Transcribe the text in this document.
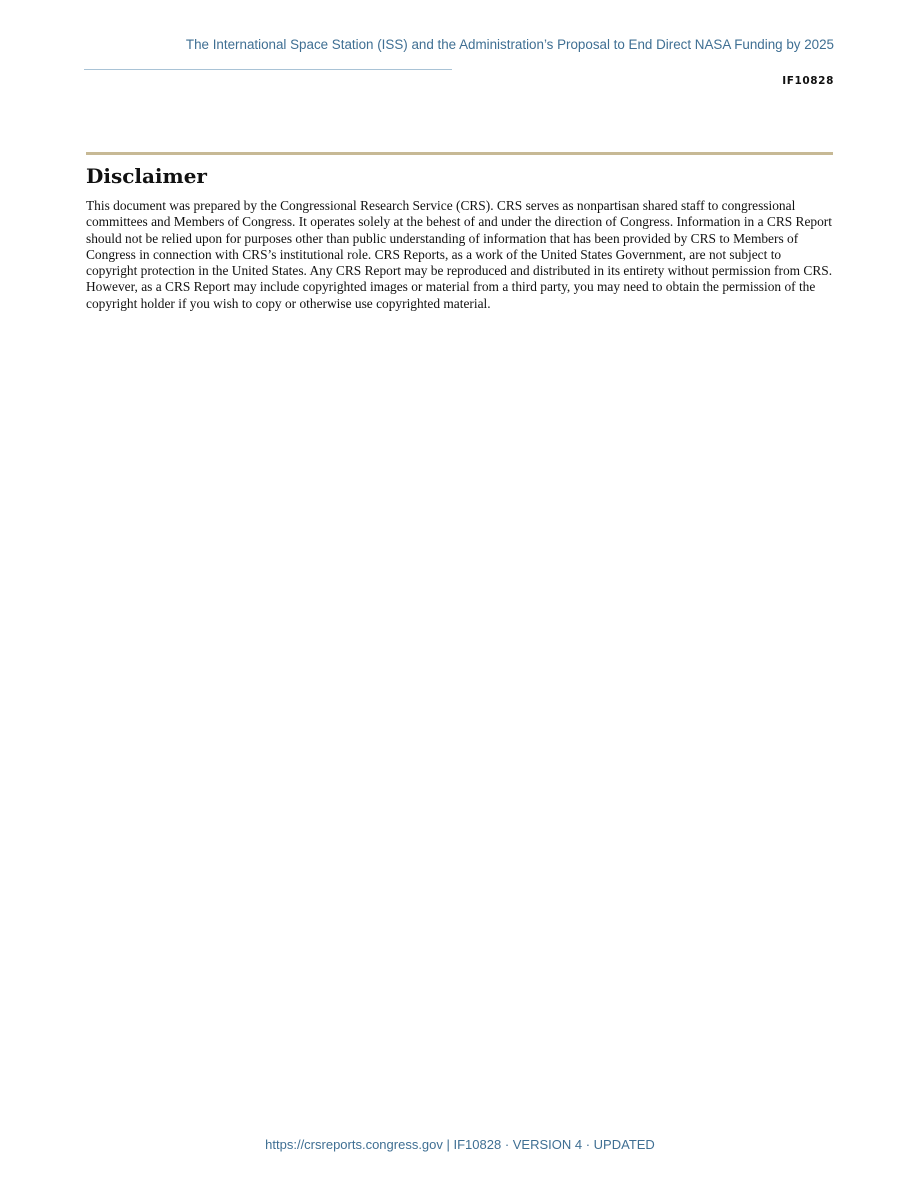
The International Space Station (ISS) and the Administration’s Proposal to End Direct NASA Funding by 2025
IF10828
Disclaimer

This document was prepared by the Congressional Research Service (CRS). CRS serves as nonpartisan shared staff to congressional committees and Members of Congress. It operates solely at the behest of and under the direction of Congress. Information in a CRS Report should not be relied upon for purposes other than public understanding of information that has been provided by CRS to Members of Congress in connection with CRS’s institutional role. CRS Reports, as a work of the United States Government, are not subject to copyright protection in the United States. Any CRS Report may be reproduced and distributed in its entirety without permission from CRS. However, as a CRS Report may include copyrighted images or material from a third party, you may need to obtain the permission of the copyright holder if you wish to copy or otherwise use copyrighted material.

https://crsreports.congress.gov | IF10828 · VERSION 4 · UPDATED
